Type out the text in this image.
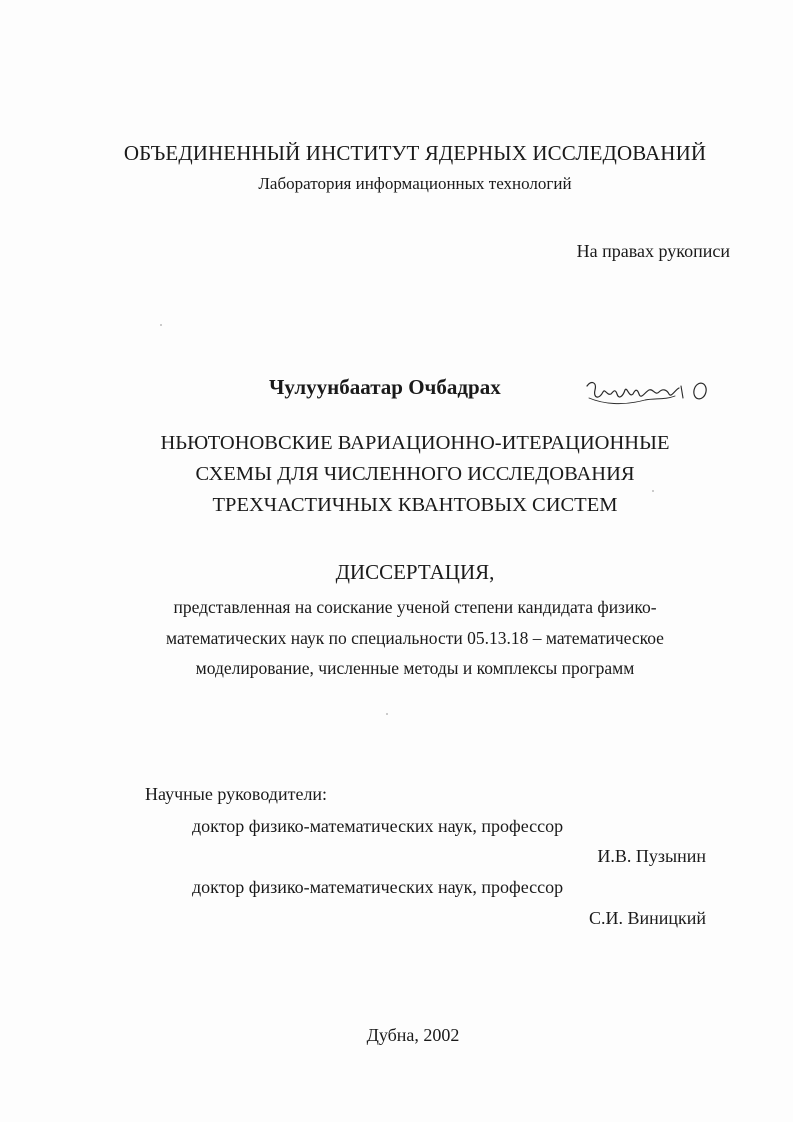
ОБЪЕДИНЕННЫЙ ИНСТИТУТ ЯДЕРНЫХ ИССЛЕДОВАНИЙ
Лаборатория информационных технологий
На правах рукописи
Чулуунбаатар Очбадрах
НЬЮТОНОВСКИЕ ВАРИАЦИОННО-ИТЕРАЦИОННЫЕ
СХЕМЫ ДЛЯ ЧИСЛЕННОГО ИССЛЕДОВАНИЯ
ТРЕХЧАСТИЧНЫХ КВАНТОВЫХ СИСТЕМ
ДИССЕРТАЦИЯ,
представленная на соискание ученой степени кандидата физико-
математических наук по специальности 05.13.18 – математическое
моделирование, численные методы и комплексы программ
Научные руководители:
доктор физико-математических наук, профессор
И.В. Пузынин
доктор физико-математических наук, профессор
С.И. Виницкий
Дубна, 2002
